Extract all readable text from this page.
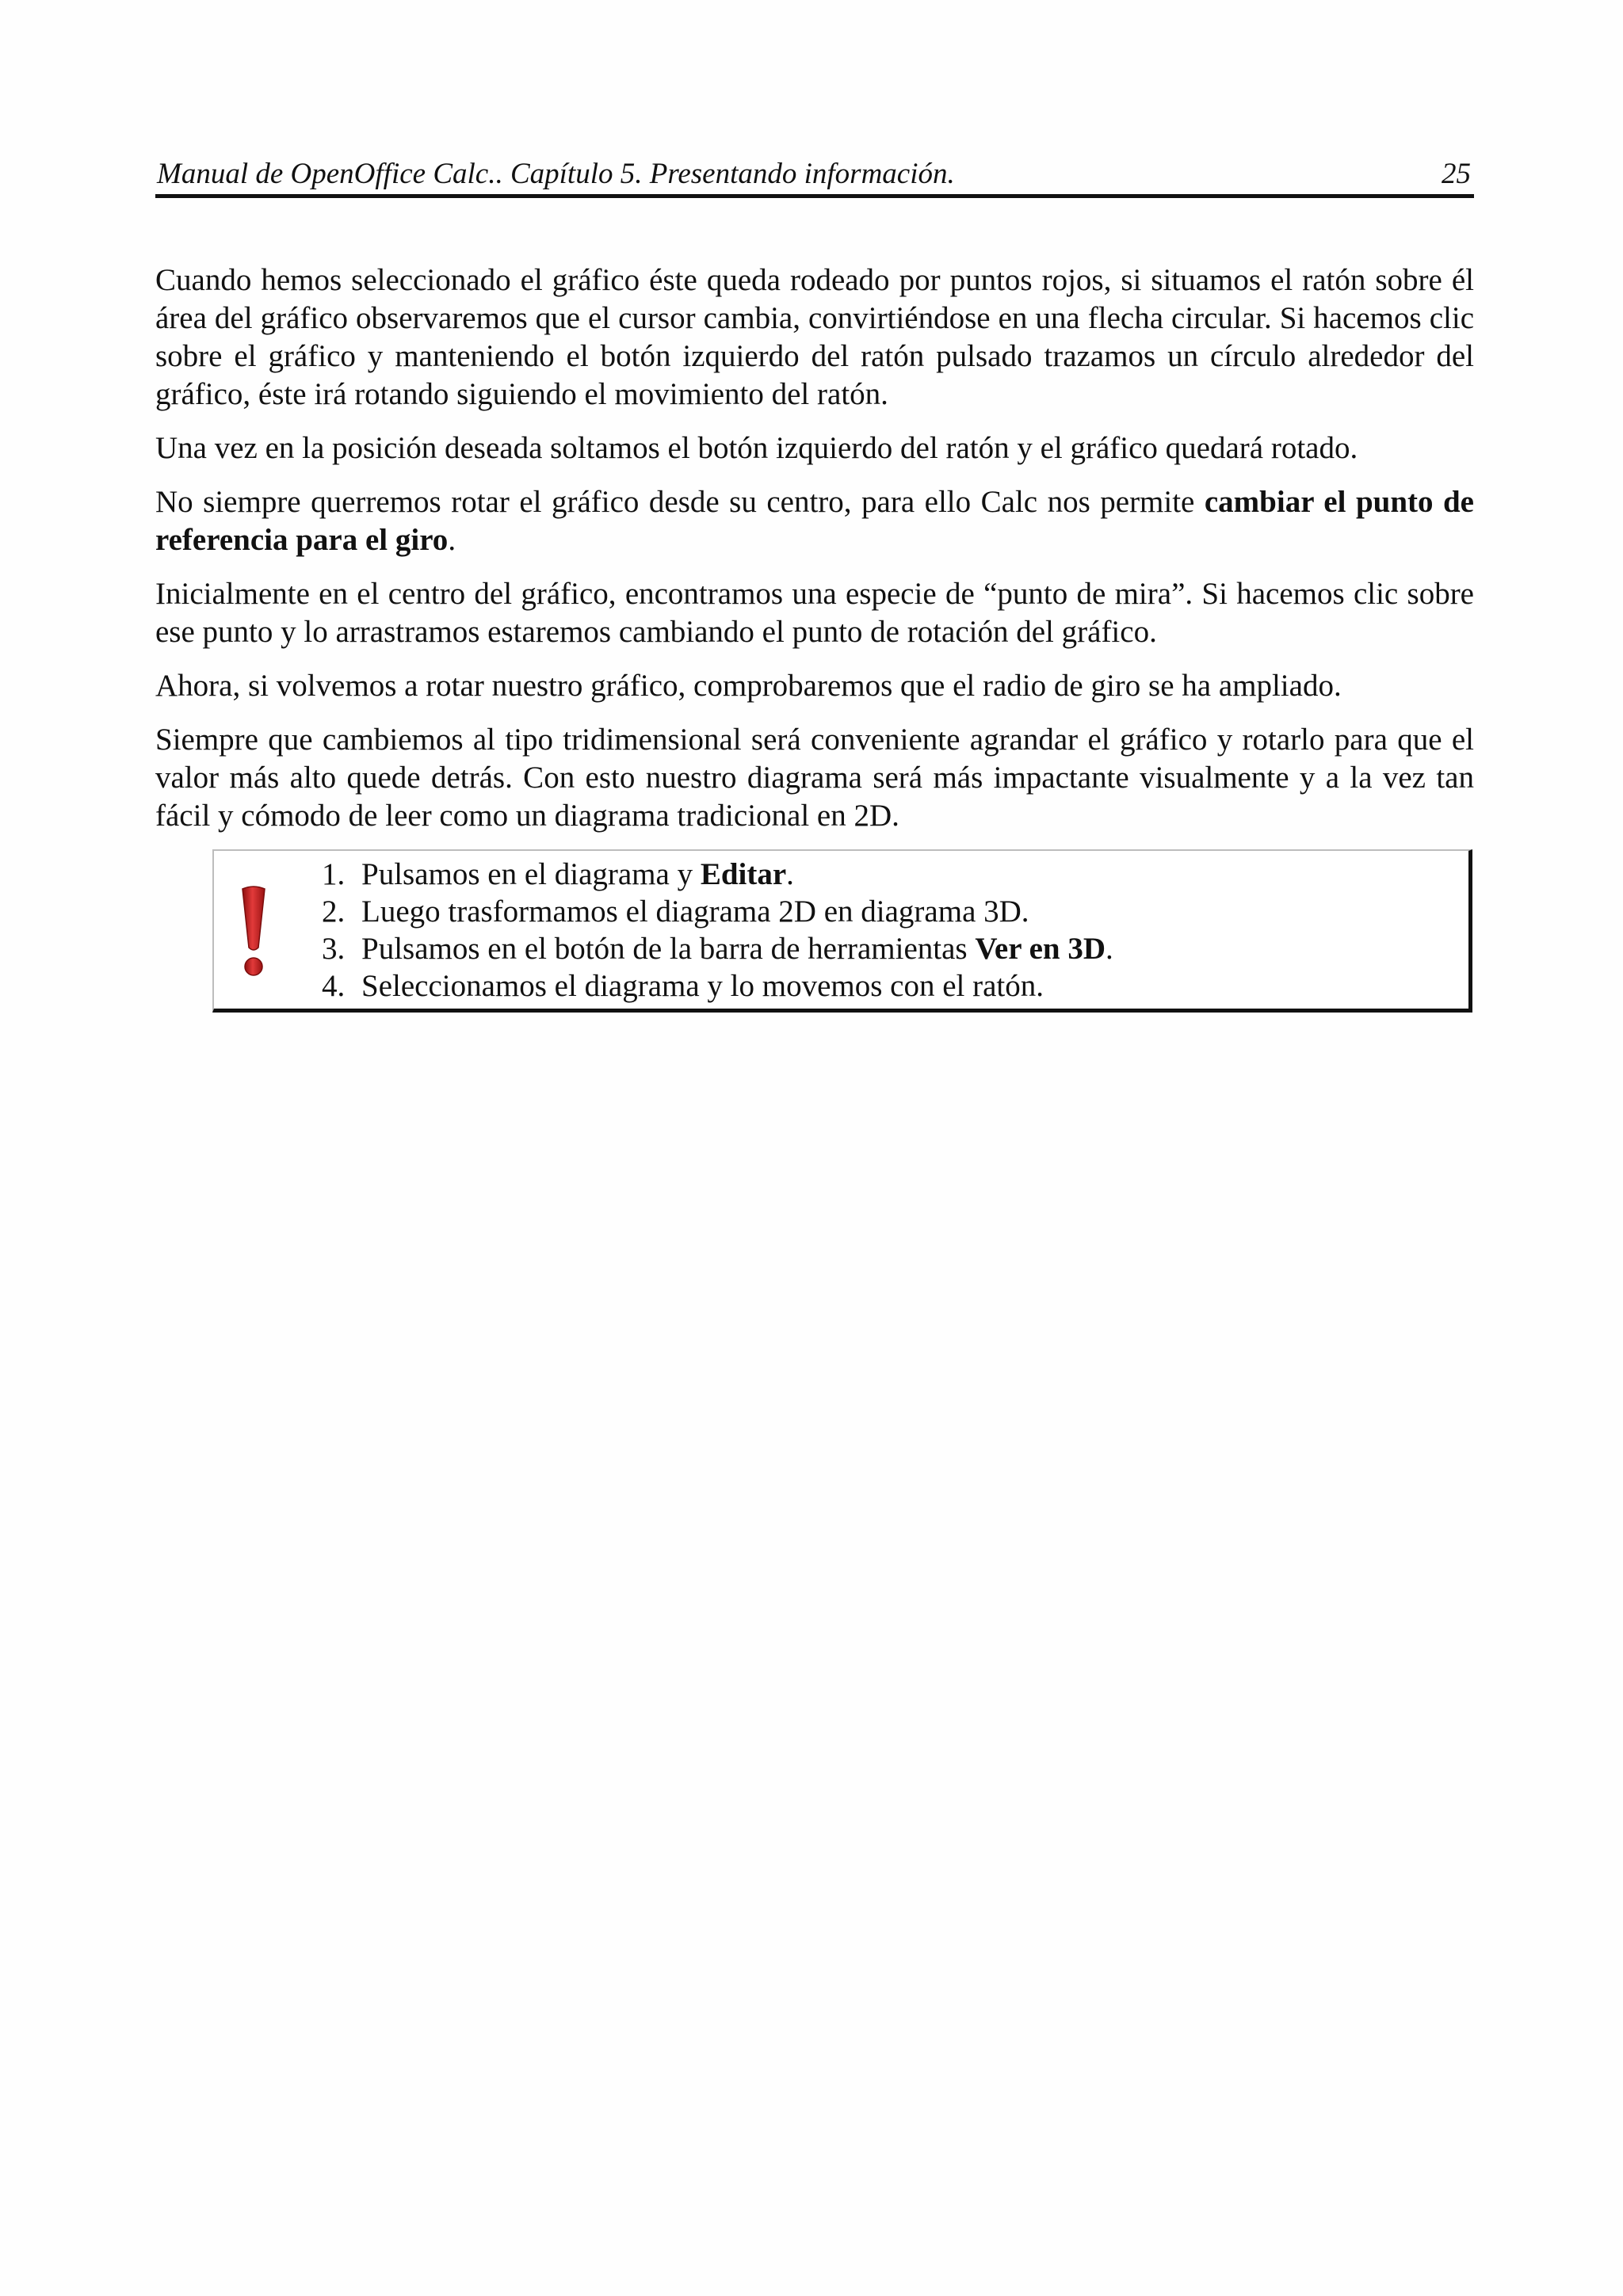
Manual de OpenOffice Calc.. Capítulo 5. Presentando información.	25

Cuando hemos seleccionado el gráfico éste queda rodeado por puntos rojos, si situamos el ratón sobre él área del gráfico observaremos que el cursor cambia, convirtiéndose en una flecha circular. Si hacemos clic sobre el gráfico y manteniendo el botón izquierdo del ratón pulsado trazamos un círculo alrededor del gráfico, éste irá rotando siguiendo el movimiento del ratón.

Una vez en la posición deseada soltamos el botón izquierdo del ratón y el gráfico quedará rotado.

No siempre querremos rotar el gráfico desde su centro, para ello Calc nos permite cambiar el punto de referencia para el giro.

Inicialmente en el centro del gráfico, encontramos una especie de “punto de mira”. Si hacemos clic sobre ese punto y lo arrastramos estaremos cambiando el punto de rotación del gráfico.

Ahora, si volvemos a rotar nuestro gráfico, comprobaremos que el radio de giro se ha ampliado.

Siempre que cambiemos al tipo tridimensional será conveniente agrandar el gráfico y rotarlo para que el valor más alto quede detrás. Con esto nuestro diagrama será más impactante visualmente y a la vez tan fácil y cómodo de leer como un diagrama tradicional en 2D.

1. Pulsamos en el diagrama y Editar.
2. Luego trasformamos el diagrama 2D en diagrama 3D.
3. Pulsamos en el botón de la barra de herramientas Ver en 3D.
4. Seleccionamos el diagrama y lo movemos con el ratón.
